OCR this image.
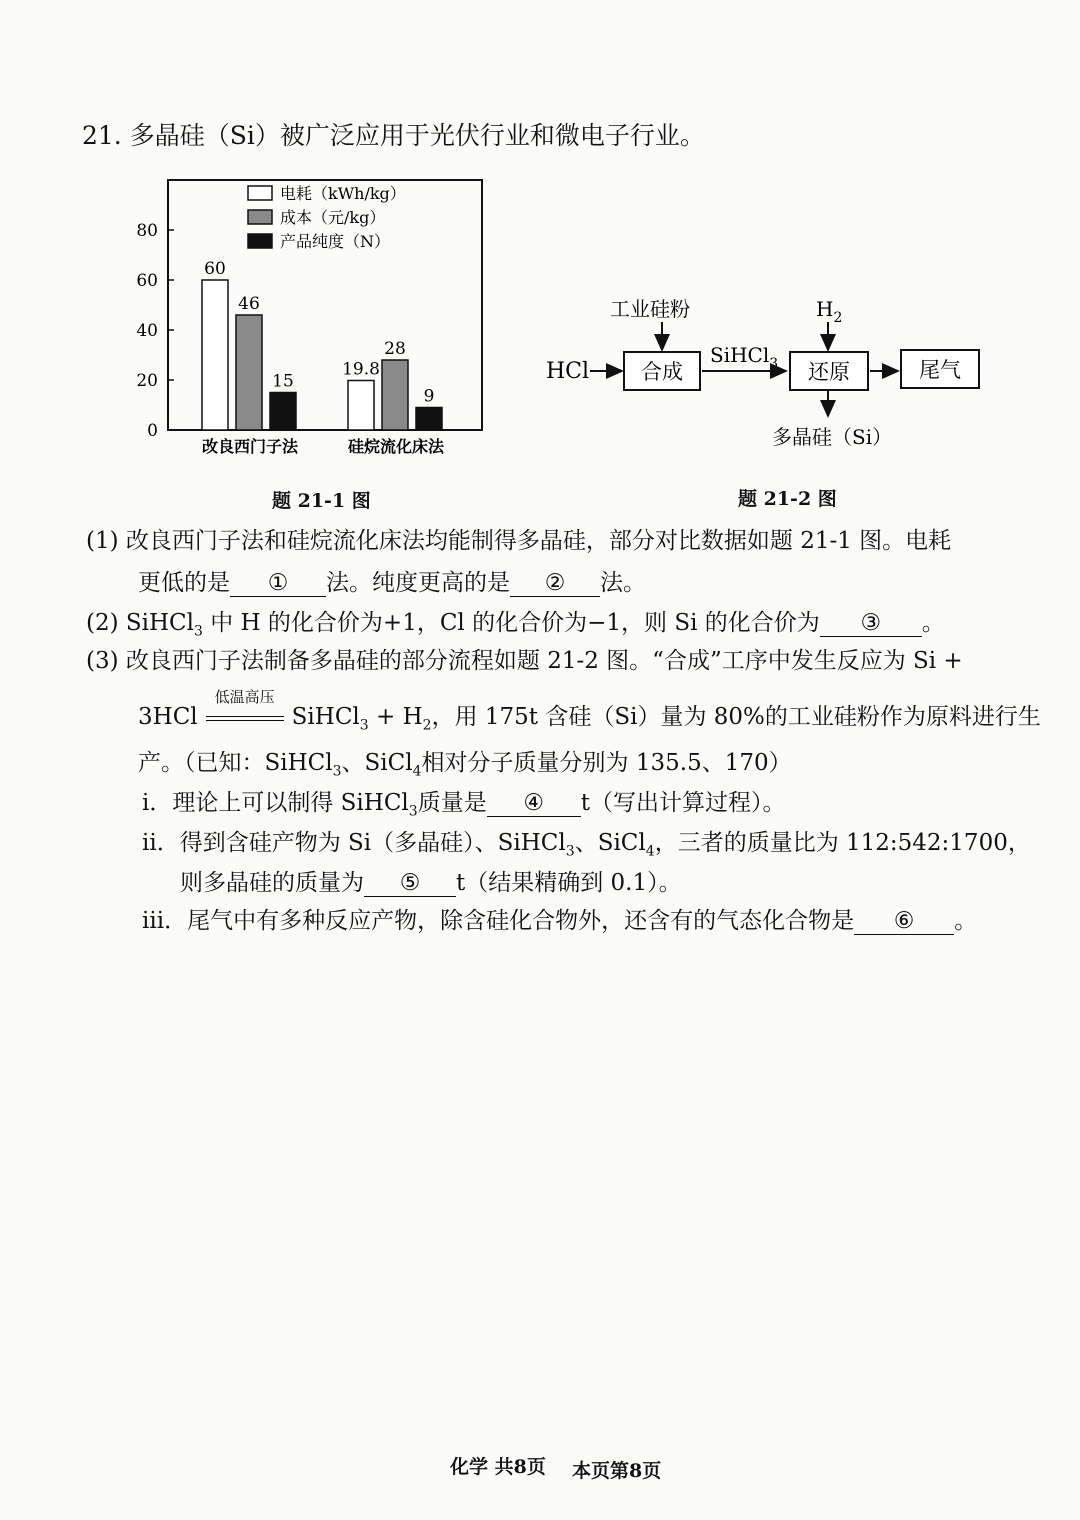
21. 多晶硅（Si）被广泛应用于光伏行业和微电子行业。
0
20
40
60
80
60
46
15
改良西门子法
19.8
28
9
硅烷流化床法
电耗（kWh/kg）
成本（元/kg）
产品纯度（N）
题 21-1 图
HCl
工业硅粉
合成
SiHCl$_3$
$H_2$
还原	尾气
多晶硅（Si）
题 21-2 图
(1) 改良西门子法和硅烷流化床法均能制得多晶硅，部分对比数据如题 21-1 图。电耗
更低的是 ① 法。纯度更高的是 ② 法。
(2) SiHCl$_3$ 中 H 的化合价为+1，Cl 的化合价为−1，则 Si 的化合价为 ③ 。
(3) 改良西门子法制备多晶硅的部分流程如题 21-2 图。“合成”工序中发生反应为 Si +
3HCl
低温高压
SiHCl$_3$ + $H_2$，用 175t 含硅（Si）量为 80%的工业硅粉作为原料进行生
产。（已知：SiHCl$_3$、SiCl$_4$相对分子质量分别为 135.5、170）
i．理论上可以制得 SiHCl$_3$质量是 ④ t（写出计算过程）。
ii．得到含硅产物为 Si（多晶硅）、SiHCl$_3$、SiCl$_4$，三者的质量比为 112:542:1700，
则多晶硅的质量为 ⑤ t（结果精确到 0.1）。
iii．尾气中有多种反应产物，除含硅化合物外，还含有的气态化合物是 ⑥ 。
化学 共8页 本页第8页
